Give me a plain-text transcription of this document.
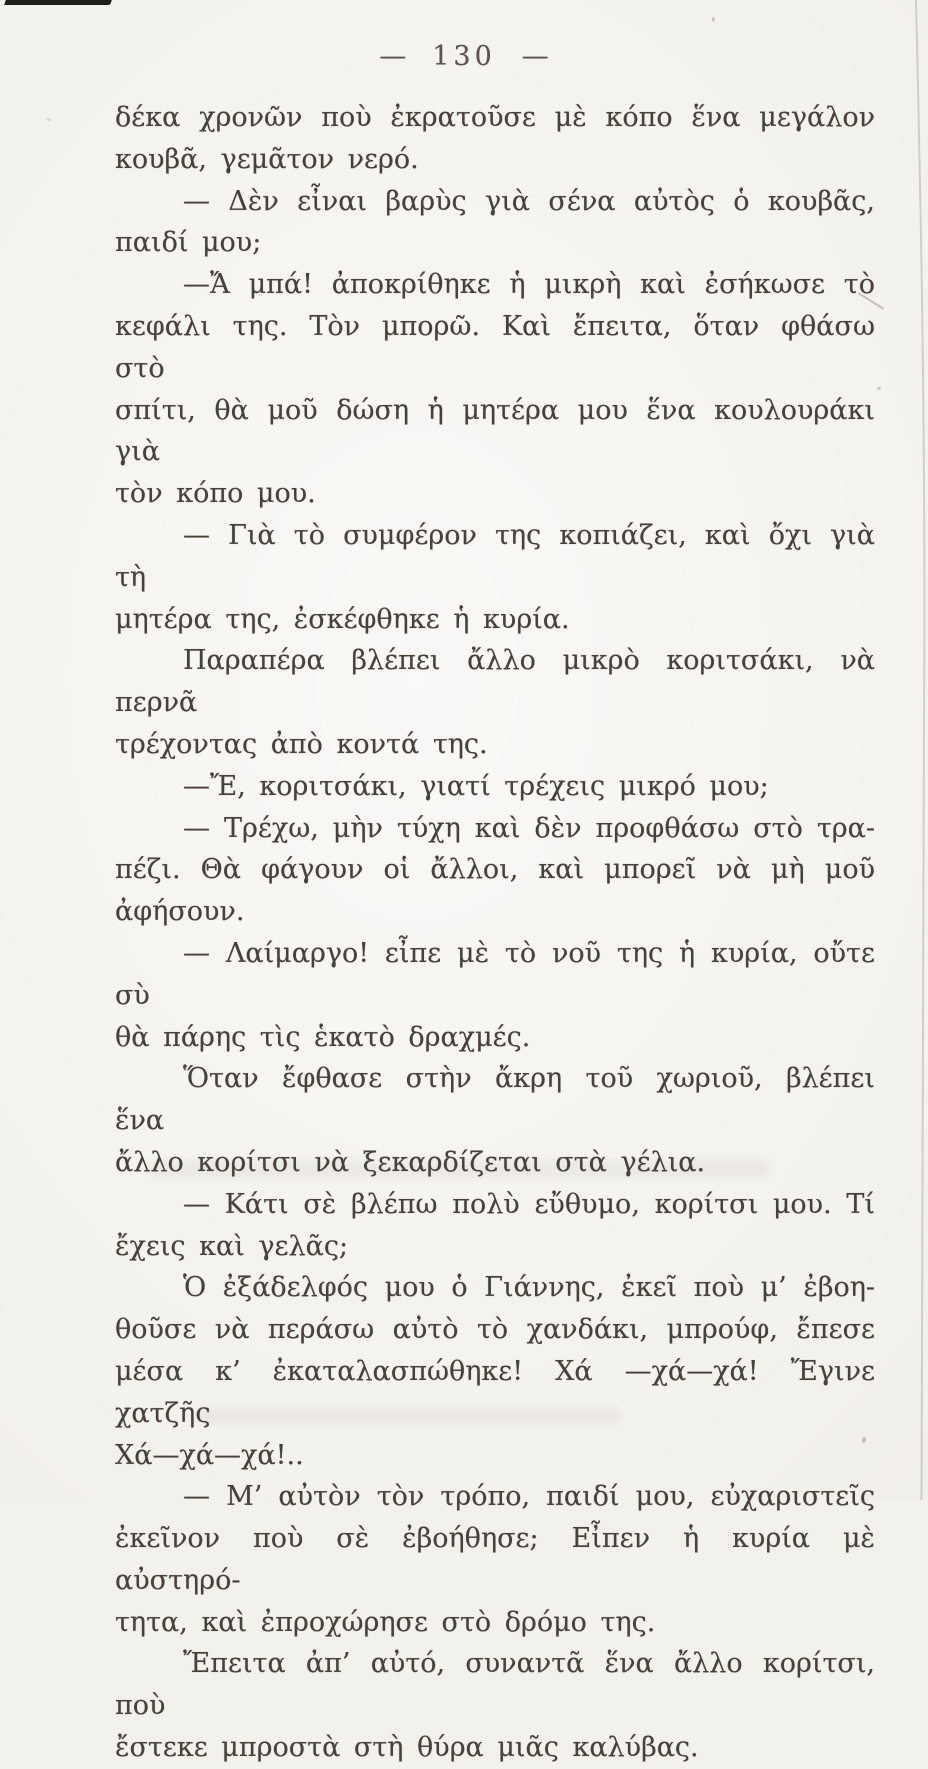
— 130 —
δέκα χρονῶν ποὺ ἐκρατοῦσε μὲ κόπο ἕνα μεγάλον
κουβᾶ, γεμᾶτον νερό.
— Δὲν εἶναι βαρὺς γιὰ σένα αὐτὸς ὁ κουβᾶς,
παιδί μου;
—Ἄ μπά! ἀποκρίθηκε ἡ μικρὴ καὶ ἐσήκωσε τὸ
κεφάλι της. Τὸν μπορῶ. Καὶ ἔπειτα, ὅταν φθάσω στὸ
σπίτι, θὰ μοῦ δώση ἡ μητέρα μου ἕνα κουλουράκι γιὰ
τὸν κόπο μου.
— Γιὰ τὸ συμφέρον της κοπιάζει, καὶ ὄχι γιὰ τὴ
μητέρα της, ἐσκέφθηκε ἡ κυρία.
Παραπέρα βλέπει ἄλλο μικρὸ κοριτσάκι, νὰ περνᾶ
τρέχοντας ἀπὸ κοντά της.
—Ἔ, κοριτσάκι, γιατί τρέχεις μικρό μου;
— Τρέχω, μὴν τύχη καὶ δὲν προφθάσω στὸ τρα-
πέζι. Θὰ φάγουν οἱ ἄλλοι, καὶ μπορεῖ νὰ μὴ μοῦ
ἀφήσουν.
— Λαίμαργο! εἶπε μὲ τὸ νοῦ της ἡ κυρία, οὔτε σὺ
θὰ πάρης τὶς ἑκατὸ δραχμές.
Ὅταν ἔφθασε στὴν ἄκρη τοῦ χωριοῦ, βλέπει ἕνα
ἄλλο κορίτσι νὰ ξεκαρδίζεται στὰ γέλια.
— Κάτι σὲ βλέπω πολὺ εὔθυμο, κορίτσι μου. Τί
ἔχεις καὶ γελᾶς;
Ὁ ἐξάδελφός μου ὁ Γιάννης, ἐκεῖ ποὺ μ’ ἐβοη-
θοῦσε νὰ περάσω αὐτὸ τὸ χανδάκι, μπρούφ, ἔπεσε
μέσα κ’ ἐκαταλασπώθηκε! Χά —χά—χά! Ἔγινε χατζῆς
Χά—χά—χά!..
— Μ’ αὐτὸν τὸν τρόπο, παιδί μου, εὐχαριστεῖς
ἐκεῖνον ποὺ σὲ ἐβοήθησε; Εἶπεν ἡ κυρία μὲ αὐστηρό-
τητα, καὶ ἐπροχώρησε στὸ δρόμο της.
Ἔπειτα ἀπ’ αὐτό, συναντᾶ ἕνα ἄλλο κορίτσι, ποὺ
ἔστεκε μπροστὰ στὴ θύρα μιᾶς καλύβας.
